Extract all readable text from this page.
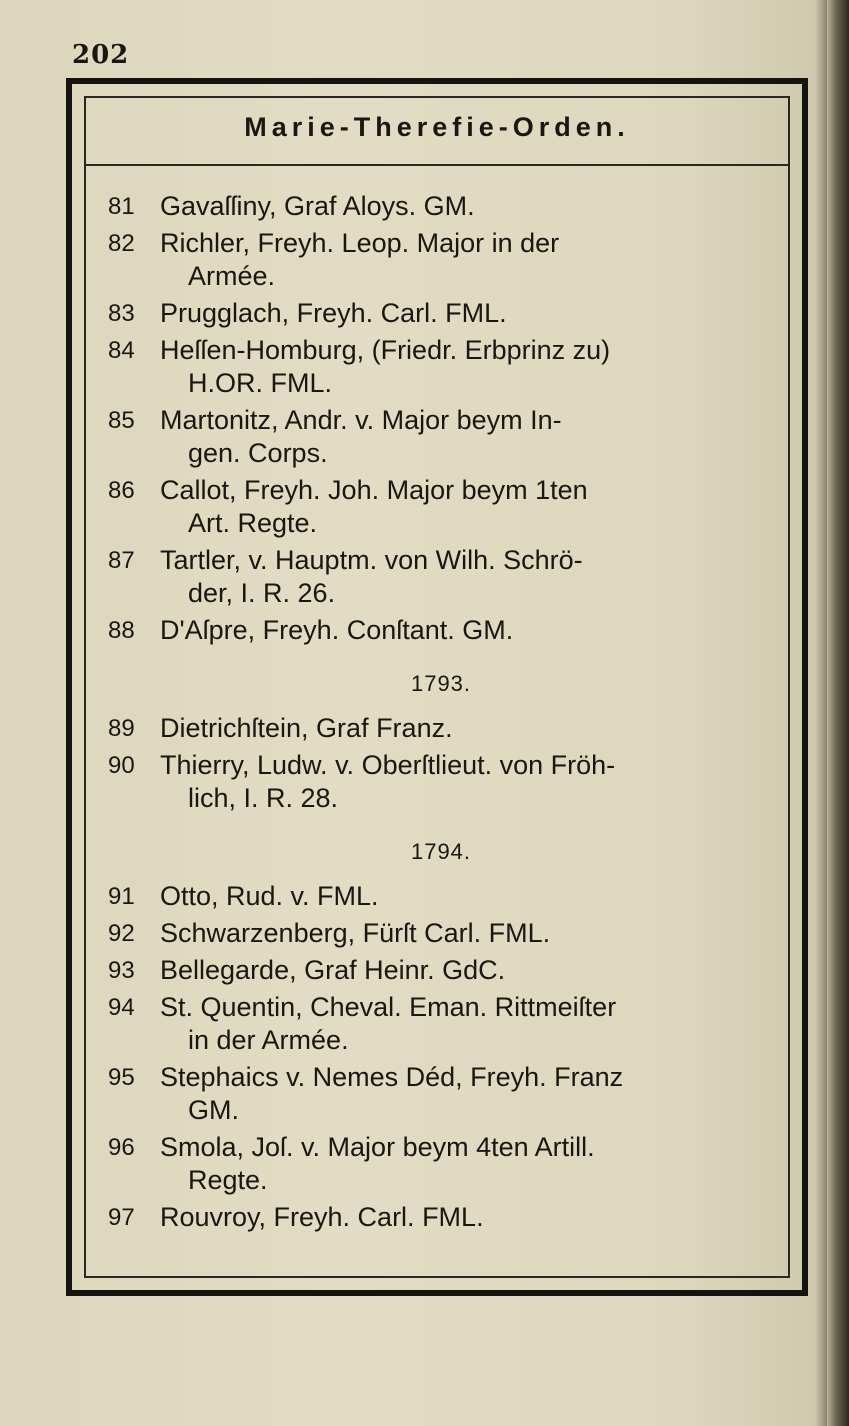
202
Marie-Therefie-Orden.
81 Gavaſſiny, Graf Aloys. GM.
82 Richler, Freyh. Leop. Major in der
Armée.
83 Prugglach, Freyh. Carl. FML.
84 Heſſen-Homburg, (Friedr. Erbprinz zu)
H.OR. FML.
85 Martonitz, Andr. v. Major beym In-
gen. Corps.
86 Callot, Freyh. Joh. Major beym 1ten
Art. Regte.
87 Tartler, v. Hauptm. von Wilh. Schrö-
der, I. R. 26.
88 D'Aſpre, Freyh. Conſtant. GM.
1793.
89 Dietrichſtein, Graf Franz.
90 Thierry, Ludw. v. Oberſtlieut. von Fröh-
lich, I. R. 28.
1794.
91 Otto, Rud. v. FML.
92 Schwarzenberg, Fürſt Carl. FML.
93 Bellegarde, Graf Heinr. GdC.
94 St. Quentin, Cheval. Eman. Rittmeiſter
in der Armée.
95 Stephaics v. Nemes Déd, Freyh. Franz
GM.
96 Smola, Joſ. v. Major beym 4ten Artill.
Regte.
97 Rouvroy, Freyh. Carl. FML.
